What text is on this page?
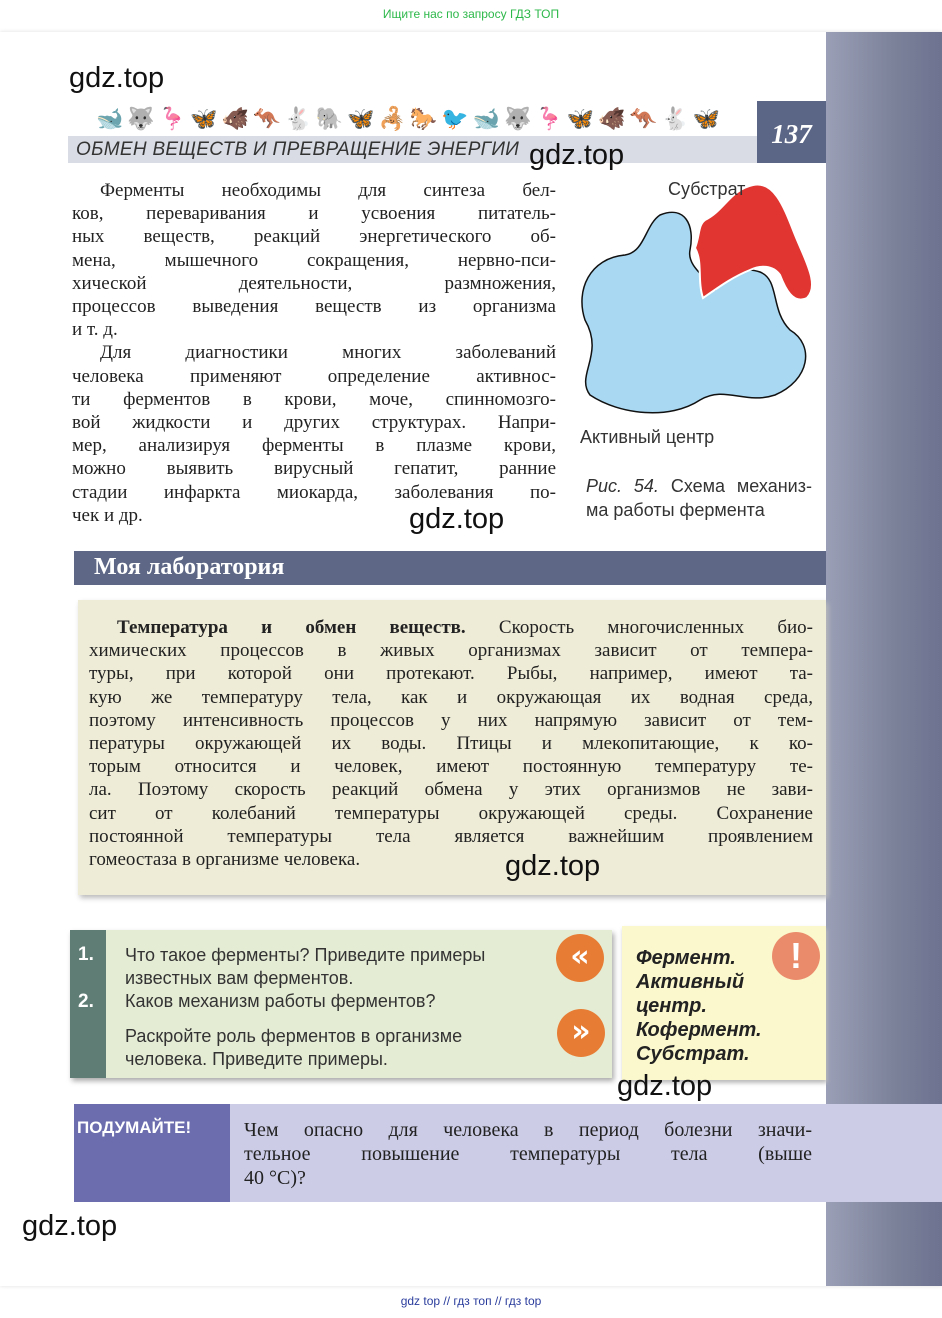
Ищите нас по запросу ГДЗ ТОП
🐋🐺🦩🦋🐗🦘🐇🐘🦋🦂🐎🐦🐋🐺🦩🦋🐗🦘🐇🦋
ОБМЕН ВЕЩЕСТВ И ПРЕВРАЩЕНИЕ ЭНЕРГИИ
137
Ферменты необходимы для синтеза бел-
ков, переваривания и усвоения питатель-
ных веществ, реакций энергетического об-
мена, мышечного сокращения, нервно-пси-
хической деятельности, размножения,
процессов выведения веществ из организма
и т. д.
Для диагностики многих заболеваний
человека применяют определение активнос-
ти ферментов в крови, моче, спинномозго-
вой жидкости и других структурах. Напри-
мер, анализируя ферменты в плазме крови,
можно выявить вирусный гепатит, ранние
стадии инфаркта миокарда, заболевания по-
чек и др.
Субстрат
Активный центр
Рис. 54. Схема механиз-
ма работы фермента
Моя лаборатория
Температура и обмен веществ. Скорость многочисленных био-
химических процессов в живых организмах зависит от темпера-
туры, при которой они протекают. Рыбы, например, имеют та-
кую же температуру тела, как и окружающая их водная среда,
поэтому интенсивность процессов у них напрямую зависит от тем-
пературы окружающей их воды. Птицы и млекопитающие, к ко-
торым относится и человек, имеют постоянную температуру те-
ла. Поэтому скорость реакций обмена у этих организмов не зави-
сит от колебаний температуры окружающей среды. Сохранение
постоянной температуры тела является важнейшим проявлением
гомеостаза в организме человека.
1.
2.
Что такое ферменты? Приведите примеры
известных вам ферментов.
Каков механизм работы ферментов?
Раскройте роль ферментов в организме
человека. Приведите примеры.
«
»
Фермент.
Активный
центр.
Кофермент.
Субстрат.
!
ПОДУМАЙТЕ!	Чем опасно для человека в период болезни значи-
тельное повышение температуры тела (выше
40 °C)?
gdz.top
gdz.top
gdz.top
gdz.top
gdz.top
gdz.top
gdz top // гдз топ // гдз top
